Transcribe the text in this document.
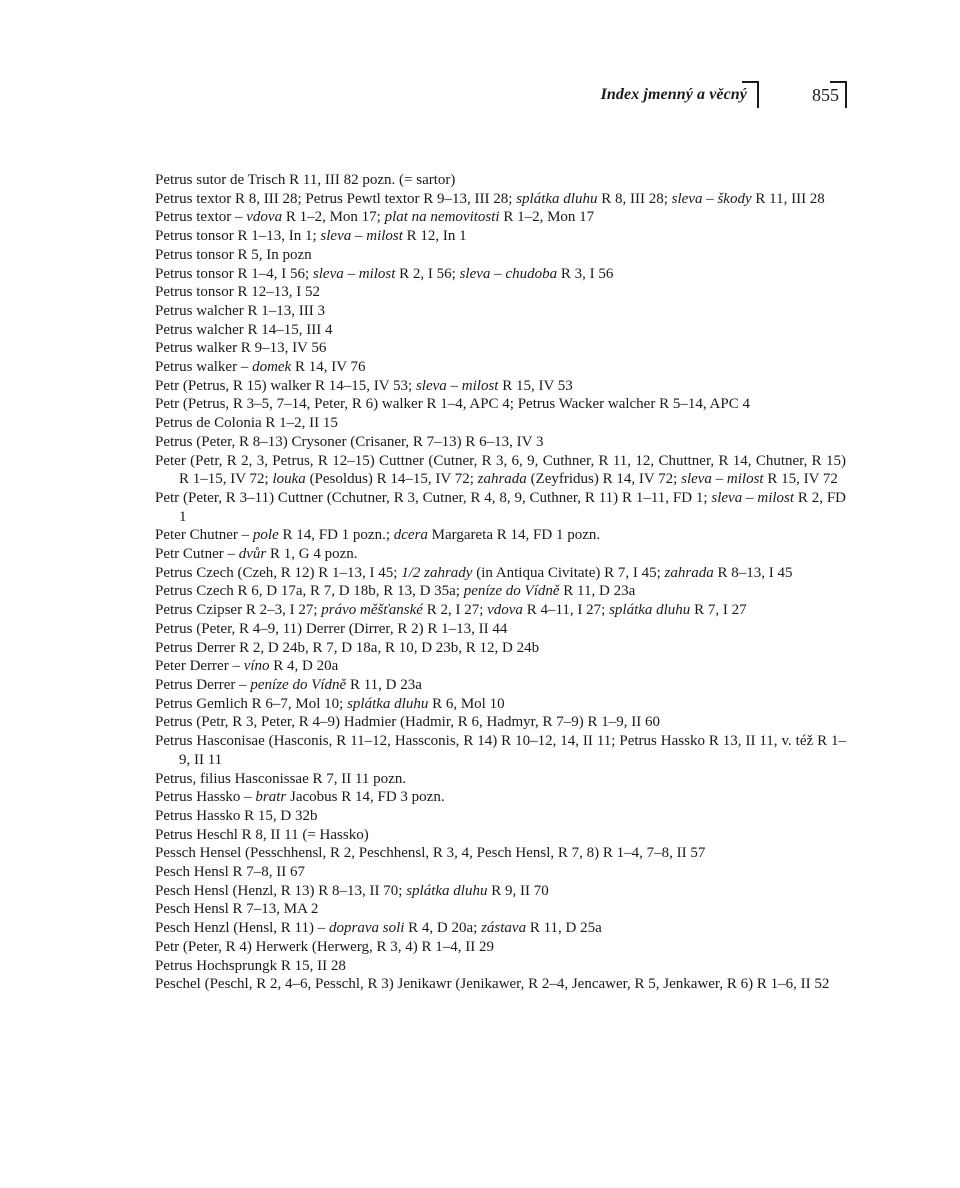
Index jmenný a věcný	855
Petrus sutor de Trisch R 11, III 82 pozn. (= sartor)
Petrus textor R 8, III 28; Petrus Pewtl textor R 9–13, III 28; splátka dluhu R 8, III 28; sleva – škody R 11, III 28
Petrus textor – vdova R 1–2, Mon 17; plat na nemovitosti R 1–2, Mon 17
Petrus tonsor R 1–13, In 1; sleva – milost R 12, In 1
Petrus tonsor R 5, In pozn
Petrus tonsor R 1–4, I 56; sleva – milost R 2, I 56; sleva – chudoba R 3, I 56
Petrus tonsor R 12–13, I 52
Petrus walcher R 1–13, III 3
Petrus walcher R 14–15, III 4
Petrus walker R 9–13, IV 56
Petrus walker – domek R 14, IV 76
Petr (Petrus, R 15) walker R 14–15, IV 53; sleva – milost R 15, IV 53
Petr (Petrus, R 3–5, 7–14, Peter, R 6) walker R 1–4, APC 4; Petrus Wacker walcher R 5–14, APC 4
Petrus de Colonia R 1–2, II 15
Petrus (Peter, R 8–13) Crysoner (Crisaner, R 7–13) R 6–13, IV 3
Peter (Petr, R 2, 3, Petrus, R 12–15) Cuttner (Cutner, R 3, 6, 9, Cuthner, R 11, 12, Chuttner, R 14, Chutner, R 15) R 1–15, IV 72; louka (Pesoldus) R 14–15, IV 72; zahrada (Zeyfridus) R 14, IV 72; sleva – milost R 15, IV 72
Petr (Peter, R 3–11) Cuttner (Cchutner, R 3, Cutner, R 4, 8, 9, Cuthner, R 11) R 1–11, FD 1; sleva – milost R 2, FD 1
Peter Chutner – pole R 14, FD 1 pozn.; dcera Margareta R 14, FD 1 pozn.
Petr Cutner – dvůr R 1, G 4 pozn.
Petrus Czech (Czeh, R 12) R 1–13, I 45; 1/2 zahrady (in Antiqua Civitate) R 7, I 45; zahrada R 8–13, I 45
Petrus Czech R 6, D 17a, R 7, D 18b, R 13, D 35a; peníze do Vídně R 11, D 23a
Petrus Czipser R 2–3, I 27; právo měšťanské R 2, I 27; vdova R 4–11, I 27; splátka dluhu R 7, I 27
Petrus (Peter, R 4–9, 11) Derrer (Dirrer, R 2) R 1–13, II 44
Petrus Derrer R 2, D 24b, R 7, D 18a, R 10, D 23b, R 12, D 24b
Peter Derrer – víno R 4, D 20a
Petrus Derrer – peníze do Vídně R 11, D 23a
Petrus Gemlich R 6–7, Mol 10; splátka dluhu R 6, Mol 10
Petrus (Petr, R 3, Peter, R 4–9) Hadmier (Hadmir, R 6, Hadmyr, R 7–9) R 1–9, II 60
Petrus Hasconisae (Hasconis, R 11–12, Hassconis, R 14) R 10–12, 14, II 11; Petrus Hassko R 13, II 11, v. též R 1–9, II 11
Petrus, filius Hasconissae R 7, II 11 pozn.
Petrus Hassko – bratr Jacobus R 14, FD 3 pozn.
Petrus Hassko R 15, D 32b
Petrus Heschl R 8, II 11 (= Hassko)
Pessch Hensel (Pesschhensl, R 2, Peschhensl, R 3, 4, Pesch Hensl, R 7, 8) R 1–4, 7–8, II 57
Pesch Hensl R 7–8, II 67
Pesch Hensl (Henzl, R 13) R 8–13, II 70; splátka dluhu R 9, II 70
Pesch Hensl R 7–13, MA 2
Pesch Henzl (Hensl, R 11) – doprava soli R 4, D 20a; zástava R 11, D 25a
Petr (Peter, R 4) Herwerk (Herwerg, R 3, 4) R 1–4, II 29
Petrus Hochsprungk R 15, II 28
Peschel (Peschl, R 2, 4–6, Pesschl, R 3) Jenikawr (Jenikawer, R 2–4, Jencawer, R 5, Jenkawer, R 6) R 1–6, II 52
